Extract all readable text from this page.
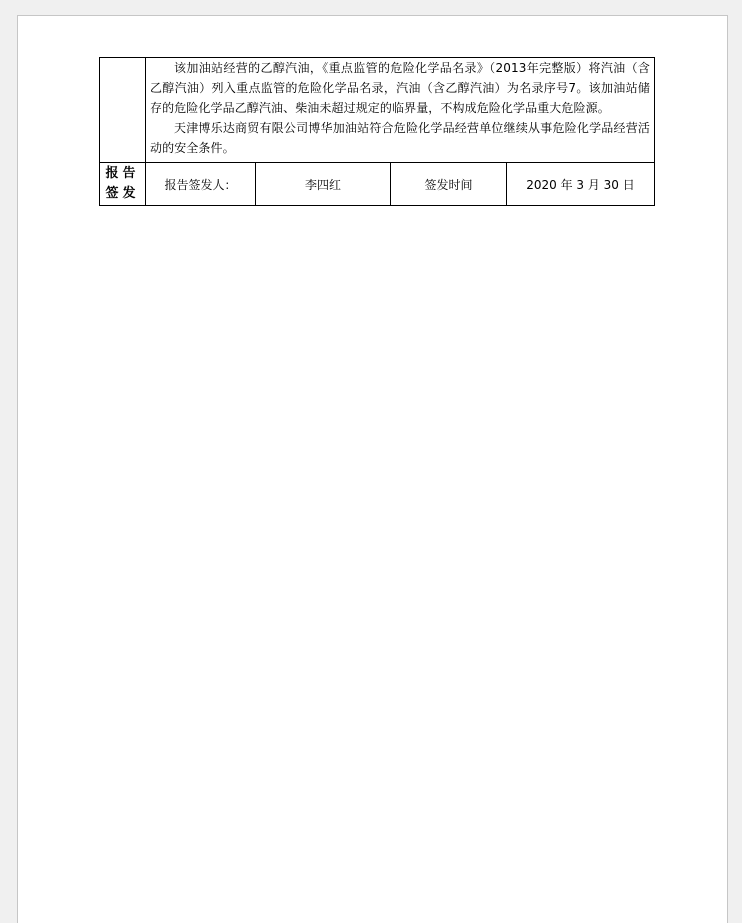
	该加油站经营的乙醇汽油，《重点监管的危险化学品名录》（2013年完整版）将汽油（含乙醇汽油）列入重点监管的危险化学品名录，汽油（含乙醇汽油）为名录序号7。该加油站储存的危险化学品乙醇汽油、柴油未超过规定的临界量，不构成危险化学品重大危险源。

天津博乐达商贸有限公司博华加油站符合危险化学品经营单位继续从事危险化学品经营活动的安全条件。			

报告
签发	报告签发人：	李四红	签发时间	2020 年 3 月 30 日
